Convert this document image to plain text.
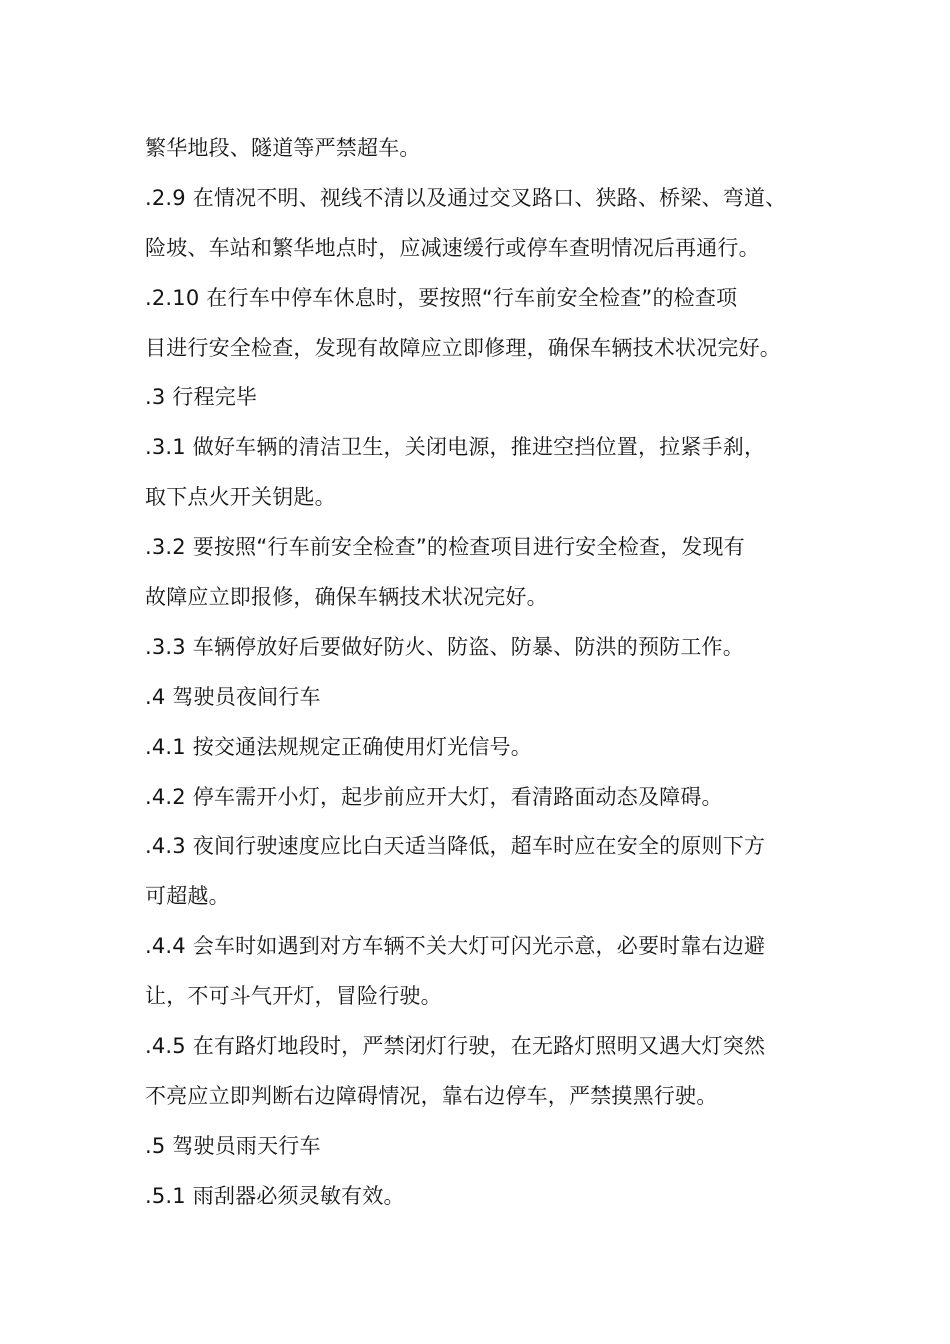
繁华地段、隧道等严禁超车。
.2.9 在情况不明、视线不清以及通过交叉路口、狭路、桥梁、弯道、
险坡、车站和繁华地点时，应减速缓行或停车查明情况后再通行。
.2.10 在行车中停车休息时，要按照“行车前安全检查”的检查项
目进行安全检查，发现有故障应立即修理，确保车辆技术状况完好。
.3 行程完毕
.3.1 做好车辆的清洁卫生，关闭电源，推进空挡位置，拉紧手刹，
取下点火开关钥匙。
.3.2 要按照“行车前安全检查”的检查项目进行安全检查，发现有
故障应立即报修，确保车辆技术状况完好。
.3.3 车辆停放好后要做好防火、防盗、防暴、防洪的预防工作。
.4 驾驶员夜间行车
.4.1 按交通法规规定正确使用灯光信号。
.4.2 停车需开小灯，起步前应开大灯，看清路面动态及障碍。
.4.3 夜间行驶速度应比白天适当降低，超车时应在安全的原则下方
可超越。
.4.4 会车时如遇到对方车辆不关大灯可闪光示意，必要时靠右边避
让，不可斗气开灯，冒险行驶。
.4.5 在有路灯地段时，严禁闭灯行驶，在无路灯照明又遇大灯突然
不亮应立即判断右边障碍情况，靠右边停车，严禁摸黑行驶。
.5 驾驶员雨天行车
.5.1 雨刮器必须灵敏有效。
